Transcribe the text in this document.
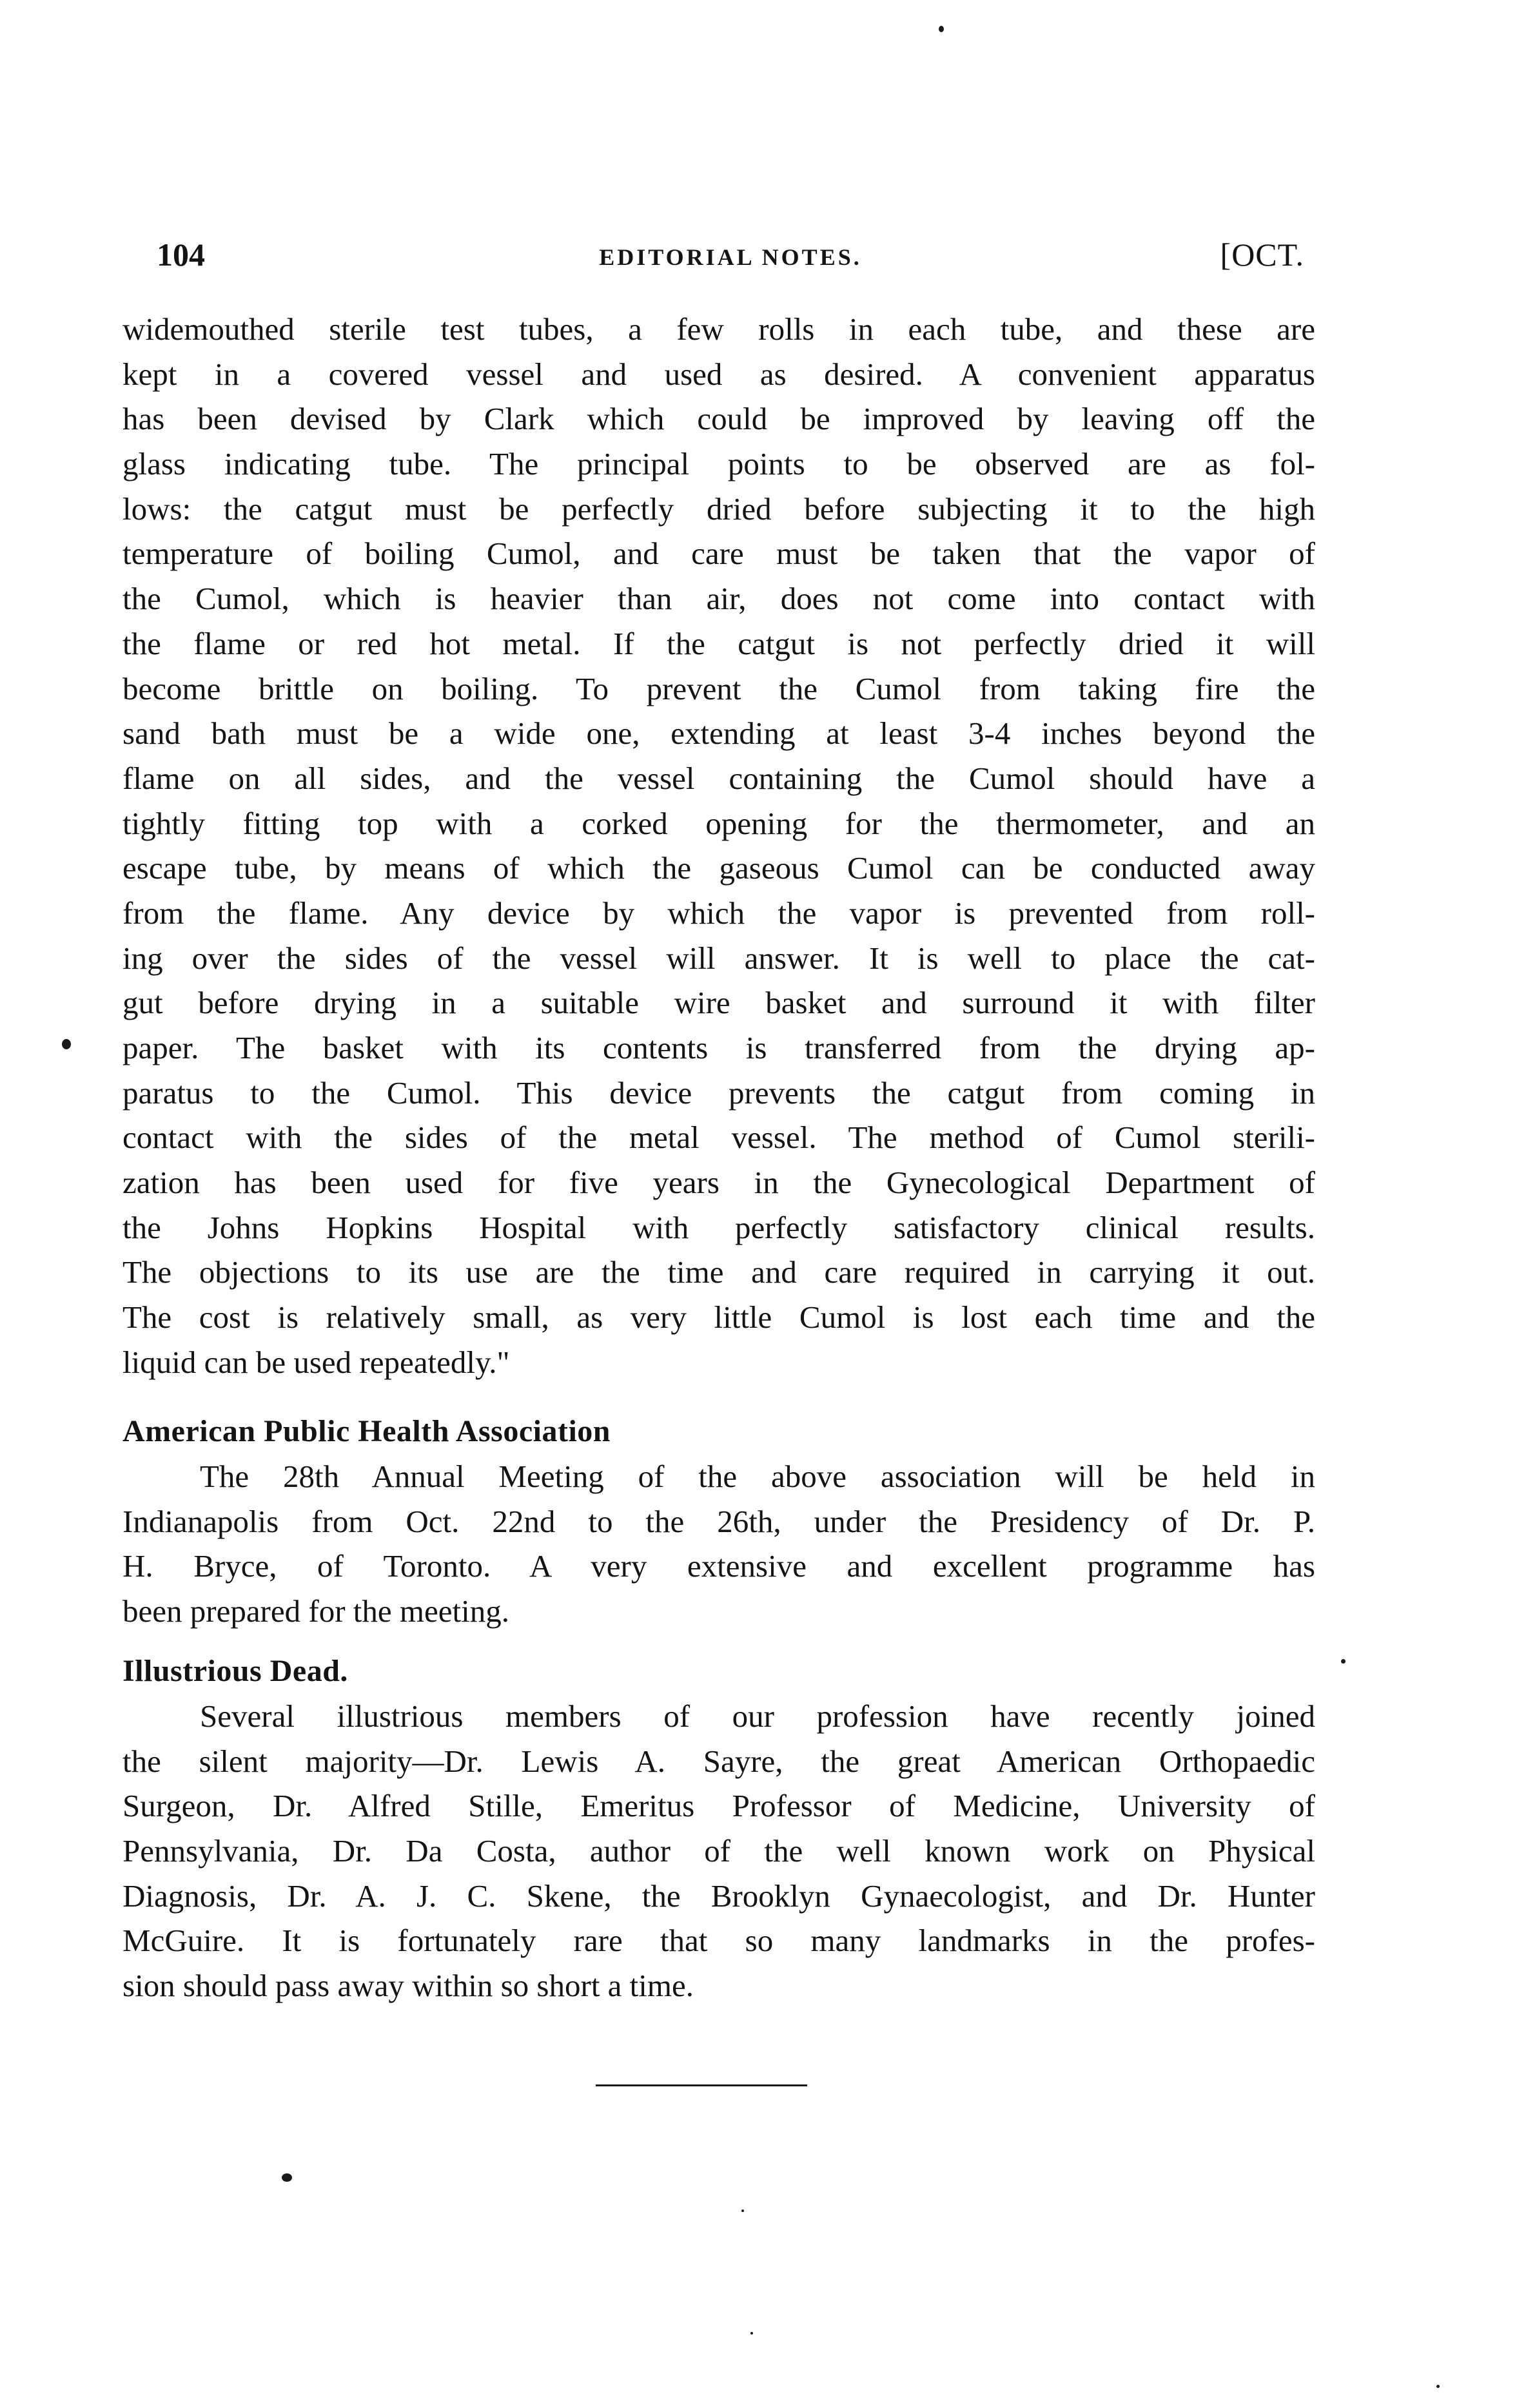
104	EDITORIAL NOTES.	[OCT.
widemouthed sterile test tubes, a few rolls in each tube, and these are
kept in a covered vessel and used as desired. A convenient apparatus
has been devised by Clark which could be improved by leaving off the
glass indicating tube. The principal points to be observed are as fol-
lows: the catgut must be perfectly dried before subjecting it to the high
temperature of boiling Cumol, and care must be taken that the vapor of
the Cumol, which is heavier than air, does not come into contact with
the flame or red hot metal. If the catgut is not perfectly dried it will
become brittle on boiling. To prevent the Cumol from taking fire the
sand bath must be a wide one, extending at least 3-4 inches beyond the
flame on all sides, and the vessel containing the Cumol should have a
tightly fitting top with a corked opening for the thermometer, and an
escape tube, by means of which the gaseous Cumol can be conducted away
from the flame. Any device by which the vapor is prevented from roll-
ing over the sides of the vessel will answer. It is well to place the cat-
gut before drying in a suitable wire basket and surround it with filter
paper. The basket with its contents is transferred from the drying ap-
paratus to the Cumol. This device prevents the catgut from coming in
contact with the sides of the metal vessel. The method of Cumol sterili-
zation has been used for five years in the Gynecological Department of
the Johns Hopkins Hospital with perfectly satisfactory clinical results.
The objections to its use are the time and care required in carrying it out.
The cost is relatively small, as very little Cumol is lost each time and the
liquid can be used repeatedly."
American Public Health Association
The 28th Annual Meeting of the above association will be held in
Indianapolis from Oct. 22nd to the 26th, under the Presidency of Dr. P.
H. Bryce, of Toronto. A very extensive and excellent programme has
been prepared for the meeting.
Illustrious Dead.
Several illustrious members of our profession have recently joined
the silent majority—Dr. Lewis A. Sayre, the great American Orthopaedic
Surgeon, Dr. Alfred Stille, Emeritus Professor of Medicine, University of
Pennsylvania, Dr. Da Costa, author of the well known work on Physical
Diagnosis, Dr. A. J. C. Skene, the Brooklyn Gynaecologist, and Dr. Hunter
McGuire. It is fortunately rare that so many landmarks in the profes-
sion should pass away within so short a time.
